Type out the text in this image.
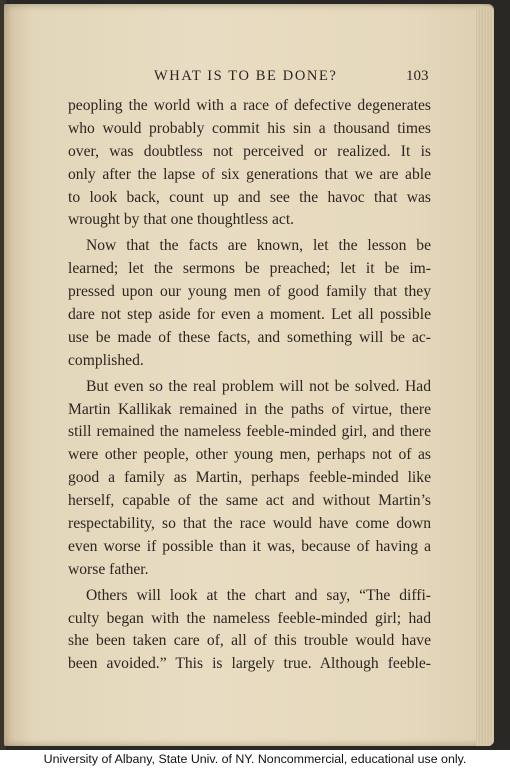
WHAT IS TO BE DONE?	103

peopling the world with a race of defective degenerates
who would probably commit his sin a thousand times
over, was doubtless not perceived or realized. It is
only after the lapse of six generations that we are able
to look back, count up and see the havoc that was
wrought by that one thoughtless act.

Now that the facts are known, let the lesson be
learned; let the sermons be preached; let it be im-
pressed upon our young men of good family that they
dare not step aside for even a moment. Let all possible
use be made of these facts, and something will be ac-
complished.

But even so the real problem will not be solved. Had
Martin Kallikak remained in the paths of virtue, there
still remained the nameless feeble-minded girl, and there
were other people, other young men, perhaps not of as
good a family as Martin, perhaps feeble-minded like
herself, capable of the same act and without Martin’s
respectability, so that the race would have come down
even worse if possible than it was, because of having a
worse father.

Others will look at the chart and say, “The diffi-
culty began with the nameless feeble-minded girl; had
she been taken care of, all of this trouble would have
been avoided.” This is largely true. Although feeble-

University of Albany, State Univ. of NY. Noncommercial, educational use only.
